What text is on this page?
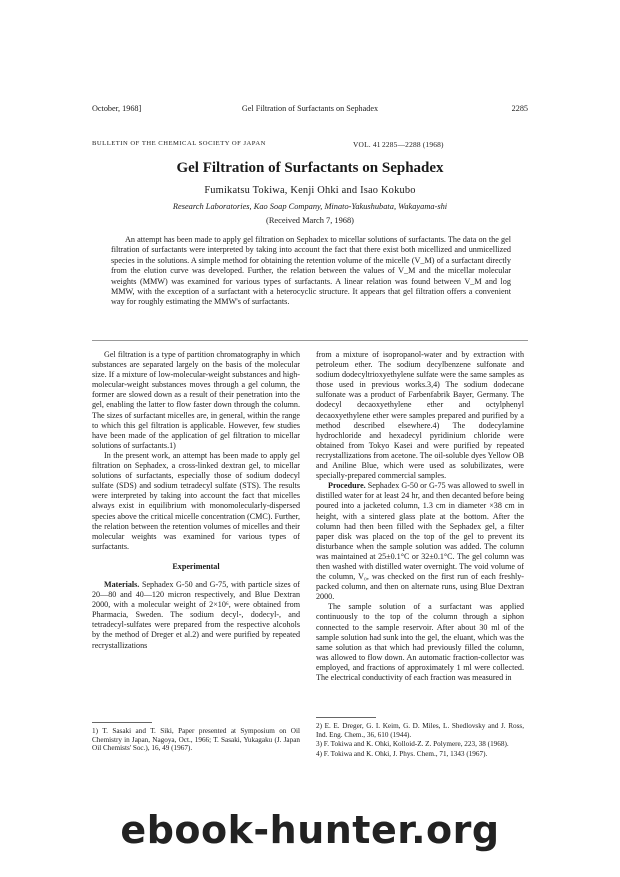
October, 1968]	Gel Filtration of Surfactants on Sephadex	2285
BULLETIN OF THE CHEMICAL SOCIETY OF JAPAN	VOL. 41 2285—2288 (1968)
Gel Filtration of Surfactants on Sephadex
Fumikatsu Tokiwa, Kenji Ohki and Isao Kokubo
Research Laboratories, Kao Soap Company, Minato-Yakushubata, Wakayama-shi
(Received March 7, 1968)

An attempt has been made to apply gel filtration on Sephadex to micellar solutions of surfactants. The data on the gel filtration of surfactants were interpreted by taking into account the fact that there exist both micellized and unmicellized species in the solutions. A simple method for obtaining the retention volume of the micelle (V_M) of a surfactant directly from the elution curve was developed. Further, the relation between the values of V_M and the micellar molecular weights (MMW) was examined for various types of surfactants. A linear relation was found between V_M and log MMW, with the exception of a surfactant with a heterocyclic structure. It appears that gel filtration offers a convenient way for roughly estimating the MMW's of surfactants.

Gel filtration is a type of partition chromatography in which substances are separated largely on the basis of the molecular size. If a mixture of low-molecular-weight substances and high-molecular-weight substances moves through a gel column, the former are slowed down as a result of their penetration into the gel, enabling the latter to flow faster down through the column. The sizes of surfactant micelles are, in general, within the range to which this gel filtration is applicable. However, few studies have been made of the application of gel filtration to micellar solutions of surfactants.1)

In the present work, an attempt has been made to apply gel filtration on Sephadex, a cross-linked dextran gel, to micellar solutions of surfactants, especially those of sodium dodecyl sulfate (SDS) and sodium tetradecyl sulfate (STS). The results were interpreted by taking into account the fact that micelles always exist in equilibrium with monomolecularly-dispersed species above the critical micelle concentration (CMC). Further, the relation between the retention volumes of micelles and their molecular weights was examined for various types of surfactants.

Experimental

Materials. Sephadex G-50 and G-75, with particle sizes of 20—80 and 40—120 micron respectively, and Blue Dextran 2000, with a molecular weight of 2×10⁶, were obtained from Pharmacia, Sweden. The sodium decyl-, dodecyl-, and tetradecyl-sulfates were prepared from the respective alcohols by the method of Dreger et al.2) and were purified by repeated recrystallizations

from a mixture of isopropanol-water and by extraction with petroleum ether. The sodium decylbenzene sulfonate and sodium dodecyltrioxyethylene sulfate were the same samples as those used in previous works.3,4) The sodium dodecane sulfonate was a product of Farbenfabrik Bayer, Germany. The dodecyl decaoxyethylene ether and octylphenyl decaoxyethylene ether were samples prepared and purified by a method described elsewhere.4) The dodecylamine hydrochloride and hexadecyl pyridinium chloride were obtained from Tokyo Kasei and were purified by repeated recrystallizations from acetone. The oil-soluble dyes Yellow OB and Aniline Blue, which were used as solubilizates, were specially-prepared commercial samples.

Procedure. Sephadex G-50 or G-75 was allowed to swell in distilled water for at least 24 hr, and then decanted before being poured into a jacketed column, 1.3 cm in diameter ×38 cm in height, with a sintered glass plate at the bottom. After the column had then been filled with the Sephadex gel, a filter paper disk was placed on the top of the gel to prevent its disturbance when the sample solution was added. The column was maintained at 25±0.1°C or 32±0.1°C. The gel column was then washed with distilled water overnight. The void volume of the column, V₀, was checked on the first run of each freshly-packed column, and then on alternate runs, using Blue Dextran 2000.

The sample solution of a surfactant was applied continuously to the top of the column through a siphon connected to the sample reservoir. After about 30 ml of the sample solution had sunk into the gel, the eluant, which was the same solution as that which had previously filled the column, was allowed to flow down. An automatic fraction-collector was employed, and fractions of approximately 1 ml were collected. The electrical conductivity of each fraction was measured in

1) T. Sasaki and T. Siki, Paper presented at Symposium on Oil Chemistry in Japan, Nagoya, Oct., 1966; T. Sasaki, Yukagaku (J. Japan Oil Chemists' Soc.), 16, 49 (1967).

2) E. E. Dreger, G. I. Keim, G. D. Miles, L. Shedlovsky and J. Ross, Ind. Eng. Chem., 36, 610 (1944).

3) F. Tokiwa and K. Ohki, Kolloid-Z. Z. Polymere, 223, 38 (1968).

4) F. Tokiwa and K. Ohki, J. Phys. Chem., 71, 1343 (1967).

ebook-hunter.org
